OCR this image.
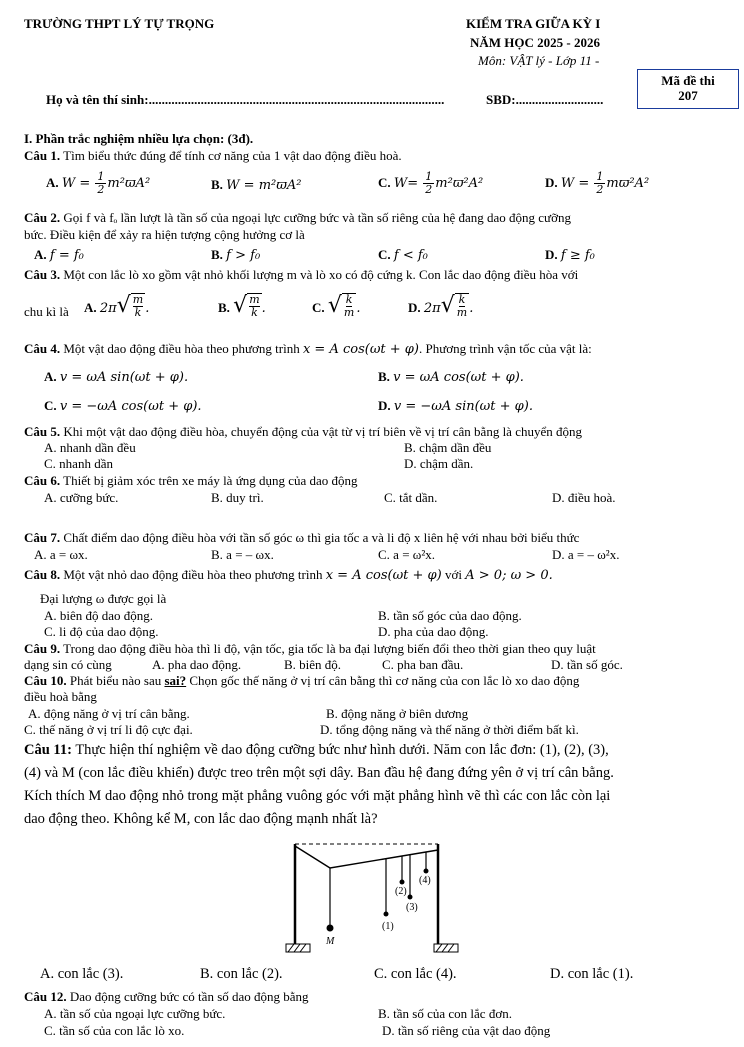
TRƯỜNG THPT LÝ TỰ TRỌNG	KIỂM TRA GIỮA KỲ I
NĂM HỌC 2025 - 2026
Môn: VẬT lý - Lớp 11 -
Mã đề thi
207
Họ và tên thí sinh:...........................................................................................	SBD:...........................
I. Phần trắc nghiệm nhiều lựa chọn: (3đ).
Câu 1. Tìm biểu thức đúng để tính cơ năng của 1 vật dao động điều hoà.
A. $W = \frac{1}{2} m^2ϖA^2$	B. W = m²ϖA²	C. $W= \frac{1}{2} m^2ϖ^2A^2$	D. $W = \frac{1}{2} mϖ^2A^2$
Câu 2. Gọi f và fₒ lần lượt là tần số của ngoại lực cưỡng bức và tần số riêng của hệ đang dao động cưỡng
bức. Điều kiện để xảy ra hiện tượng cộng hưởng cơ là
A. f = f₀	B. f > f₀	C. f < f₀	D. f ≥ f₀
Câu 3. Một con lắc lò xo gồm vật nhỏ khối lượng m và lò xo có độ cứng k. Con lắc dao động điều hòa với
chu kì là A. 2π √ m
k .	B. √ m
k .	C. √ k
m .	D. 2π √ k
m .
Câu 4. Một vật dao động điều hòa theo phương trình x = A cos(ωt + φ). Phương trình vận tốc của vật là:
A. v = ωA sin(ωt + φ).	B. v = ωA cos(ωt + φ).
C. v = −ωA cos(ωt + φ).	D. v = −ωA sin(ωt + φ).
Câu 5. Khi một vật dao động điều hòa, chuyển động của vật từ vị trí biên về vị trí cân bằng là chuyển động
A. nhanh dần đều	B. chậm dần đều
C. nhanh dần	D. chậm dần.
Câu 6. Thiết bị giảm xóc trên xe máy là ứng dụng của dao động
A. cưỡng bức.	B. duy trì.	C. tắt dần.	D. điều hoà.
Câu 7. Chất điểm dao động điều hòa với tần số góc ω thì gia tốc a và li độ x liên hệ với nhau bởi biểu thức
A. a = ωx.	B. a = – ωx.	C. a = ω²x.	D. a = – ω²x.
Câu 8. Một vật nhỏ dao động điều hòa theo phương trình x = A cos(ωt + φ) với A > 0; ω > 0.
Đại lượng ω được gọi là
A. biên độ dao động.	B. tần số góc của dao động.
C. li độ của dao động.	D. pha của dao động.
Câu 9. Trong dao động điều hòa thì li độ, vận tốc, gia tốc là ba đại lượng biến đổi theo thời gian theo quy luật
dạng sin có cùng	A. pha dao động.	B. biên độ.	C. pha ban đầu.	D. tần số góc.
Câu 10. Phát biểu nào sau sai? Chọn gốc thế năng ở vị trí cân bằng thì cơ năng của con lắc lò xo dao động
điều hoà bằng
A. động năng ở vị trí cân bằng.	B. động năng ở biên dương
C. thế năng ở vị trí li độ cực đại.	D. tổng động năng và thế năng ở thời điểm bất kì.
Câu 11: Thực hiện thí nghiệm về dao động cưỡng bức như hình dưới. Năm con lắc đơn: (1), (2), (3),
(4) và M (con lắc điều khiển) được treo trên một sợi dây. Ban đầu hệ đang đứng yên ở vị trí cân bằng.
Kích thích M dao động nhỏ trong mặt phẳng vuông góc với mặt phẳng hình vẽ thì các con lắc còn lại
dao động theo. Không kể M, con lắc dao động mạnh nhất là?
(1)
(2)
(3)
(4)
M
A. con lắc (3).	B. con lắc (2).	C. con lắc (4).	D. con lắc (1).
Câu 12. Dao động cưỡng bức có tần số dao động bằng
A. tần số của ngoại lực cưỡng bức.	B. tần số của con lắc đơn.
C. tần số của con lắc lò xo.	D. tần số riêng của vật dao động
